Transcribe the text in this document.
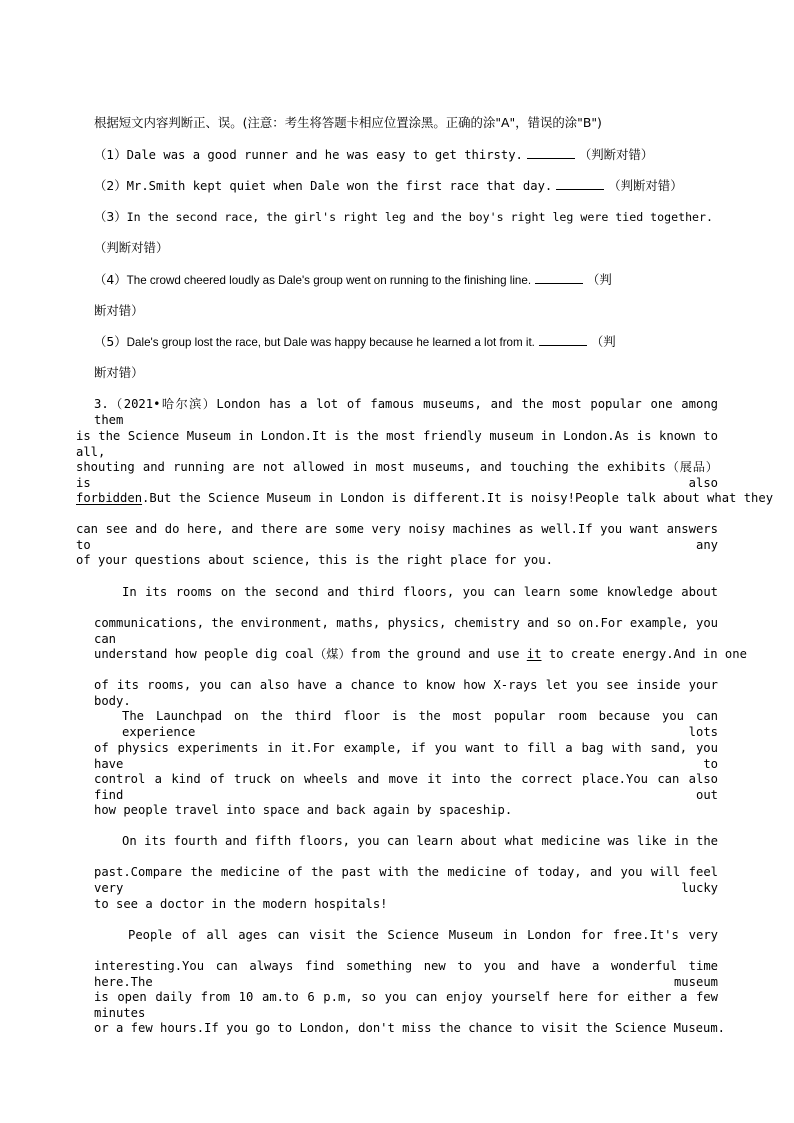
根据短文内容判断正、误。(注意：考生将答题卡相应位置涂黑。正确的涂"A"，错误的涂"B")
（1）Dale was a good runner and he was easy to get thirsty.	（判断对错）
（2）Mr.Smith kept quiet when Dale won the first race that day.	（判断对错）
（3）In the second race, the girl's right leg and the boy's right leg were tied together.
（判断对错）
（4）The crowd cheered loudly as Dale's group went on running to the finishing line.	（判
断对错）
（5）Dale's group lost the race, but Dale was happy because he learned a lot from it.	（判
断对错）
3.（2021•哈尔滨）London has a lot of famous museums, and the most popular one among them
is the Science Museum in London.It is the most friendly museum in London.As is known to all,
shouting and running are not allowed in most museums, and touching the exhibits（展品）is also
forbidden.But the Science Museum in London is different.It is noisy!People talk about what they
can see and do here, and there are some very noisy machines as well.If you want answers to any
of your questions about science, this is the right place for you.
In its rooms on the second and third floors, you can learn some knowledge about
communications, the environment, maths, physics, chemistry and so on.For example, you can
understand how people dig coal（煤）from the ground and use it to create energy.And in one
of its rooms, you can also have a chance to know how X-rays let you see inside your body.
The Launchpad on the third floor is the most popular room because you can experience lots
of physics experiments in it.For example, if you want to fill a bag with sand, you have to
control a kind of truck on wheels and move it into the correct place.You can also find out
how people travel into space and back again by spaceship.
On its fourth and fifth floors, you can learn about what medicine was like in the
past.Compare the medicine of the past with the medicine of today, and you will feel very lucky
to see a doctor in the modern hospitals!
People of all ages can visit the Science Museum in London for free.It's very
interesting.You can always find something new to you and have a wonderful time here.The museum
is open daily from 10 am.to 6 p.m, so you can enjoy yourself here for either a few minutes
or a few hours.If you go to London, don't miss the chance to visit the Science Museum.
